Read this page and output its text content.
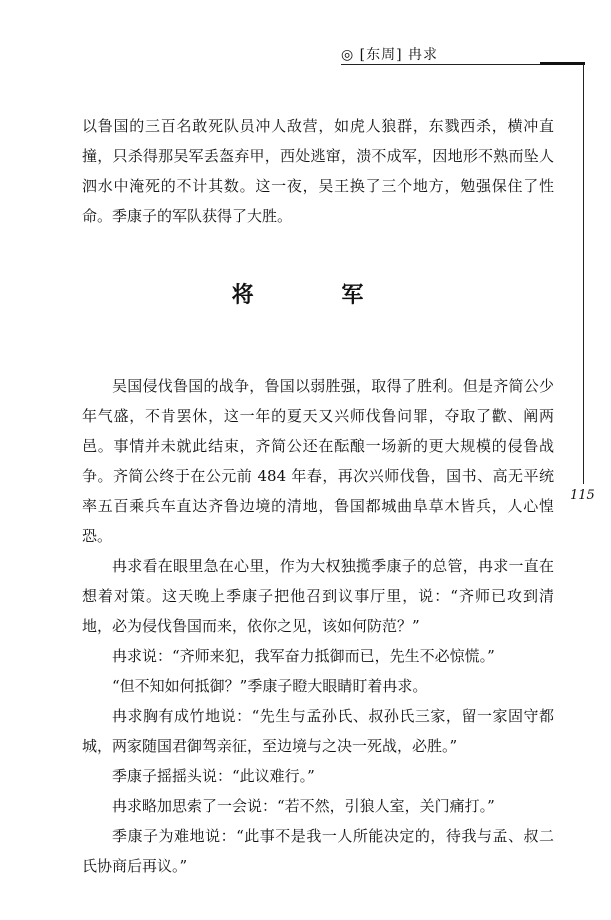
◎ [东周] 冉求
115

以鲁国的三百名敢死队员冲人敌营，如虎人狼群，东戮西杀，横冲直撞，只杀得那吴军丢盔弃甲，西处逃窜，溃不成军，因地形不熟而坠人泗水中淹死的不计其数。这一夜，吴王换了三个地方，勉强保住了性命。季康子的军队获得了大胜。

将 军

吴国侵伐鲁国的战争，鲁国以弱胜强，取得了胜利。但是齐简公少年气盛，不肯罢休，这一年的夏天又兴师伐鲁问罪，夺取了歡、阐两邑。事情并未就此结束，齐简公还在酝酿一场新的更大规模的侵鲁战争。齐简公终于在公元前 484 年春，再次兴师伐鲁，国书、高无平统率五百乘兵车直达齐鲁边境的清地，鲁国都城曲阜草木皆兵，人心惶恐。

冉求看在眼里急在心里，作为大权独揽季康子的总管，冉求一直在想着对策。这天晚上季康子把他召到议事厅里，说：“齐师已攻到清地，必为侵伐鲁国而来，依你之见，该如何防范？”

冉求说：“齐师来犯，我军奋力抵御而已，先生不必惊慌。”

“但不知如何抵御？”季康子瞪大眼睛盯着冉求。

冉求胸有成竹地说：“先生与孟孙氏、叔孙氏三家，留一家固守都城，两家随国君御驾亲征，至边境与之决一死战，必胜。”

季康子摇摇头说：“此议难行。”

冉求略加思索了一会说：“若不然，引狼人室，关门痛打。”

季康子为难地说：“此事不是我一人所能决定的，待我与孟、叔二氏协商后再议。”
